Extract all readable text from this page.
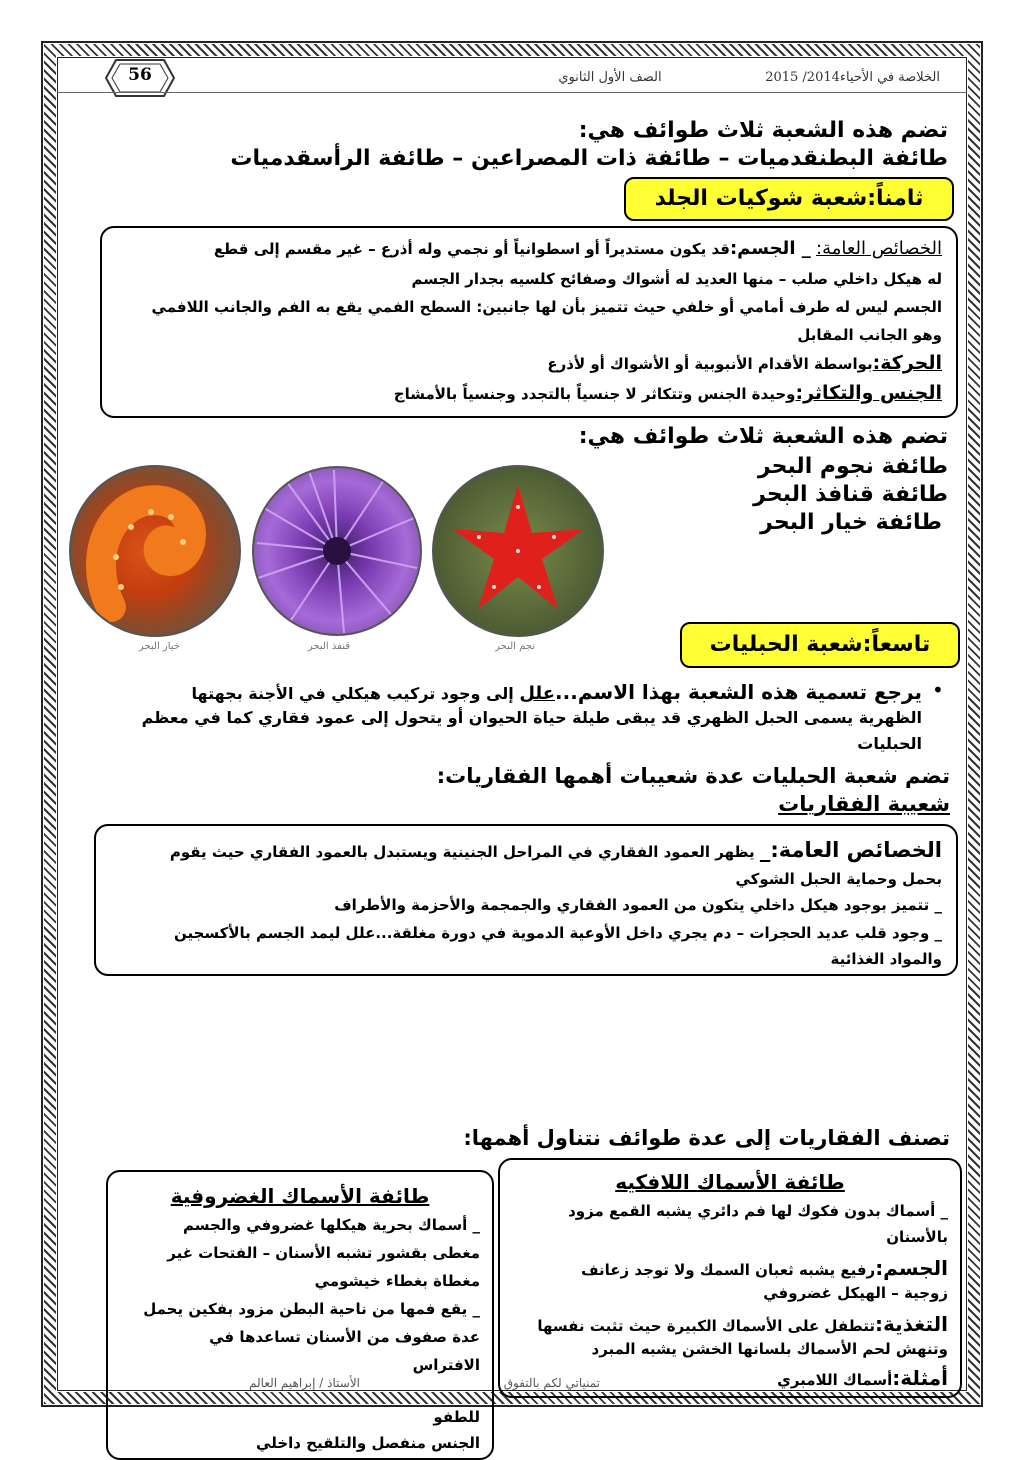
56	الصف الأول الثانوي	الخلاصة في الأحياء2014/ 2015
تضم هذه الشعبة ثلاث طوائف هي:
طائفة البطنقدميات – طائفة ذات المصراعين – طائفة الرأسقدميات
ثامناً:شعبة شوكيات الجلد
الخصائص العامة: _ الجسم:قد يكون مستديراً أو اسطوانياً أو نجمي وله أذرع – غير مقسم إلى قطع
له هيكل داخلي صلب – منها العديد له أشواك وصفائح كلسيه بجدار الجسم
الجسم ليس له طرف أمامي أو خلفي حيث تتميز بأن لها جانبين: السطح الفمي يقع به الفم والجانب اللافمي
وهو الجانب المقابل
الحركة:بواسطة الأقدام الأنبوبية أو الأشواك أو لأذرع
الجنس والتكاثر:وحيدة الجنس وتتكاثر لا جنسياً بالتجدد وجنسياً بالأمشاج
تضم هذه الشعبة ثلاث طوائف هي:
طائفة نجوم البحر
طائفة قنافذ البحر
طائفة خيار البحر
خيار البحر	قنفذ البحر	نجم البحر	تاسعاً:شعبة الحبليات
•
يرجع تسمية هذه الشعبة بهذا الاسم...علل إلى وجود تركيب هيكلي في الأجنة بجهتها
الظهرية يسمى الحبل الظهري قد يبقى طيلة حياة الحيوان أو يتحول إلى عمود فقاري كما في معظم
الحبليات
تضم شعبة الحبليات عدة شعيبات أهمها الفقاريات:
شعيبة الفقاريات
الخصائص العامة:_ يظهر العمود الفقاري في المراحل الجنينية ويستبدل بالعمود الفقاري حيث يقوم
بحمل وحماية الحبل الشوكي
_ تتميز بوجود هيكل داخلي يتكون من العمود الفقاري والجمجمة والأحزمة والأطراف
_ وجود قلب عديد الحجرات – دم يجري داخل الأوعية الدموية في دورة مغلقة...علل ليمد الجسم بالأكسجين
والمواد الغذائية
تصنف الفقاريات إلى عدة طوائف نتناول أهمها:
طائفة الأسماك اللافكيه
_ أسماك بدون فكوك لها فم دائري يشبه القمع مزود
بالأسنان
الجسم:رفيع يشبه ثعبان السمك ولا توجد زعانف
زوجية – الهيكل غضروفي
التغذية:تتطفل على الأسماك الكبيرة حيث تثبت نفسها
وتنهش لحم الأسماك بلسانها الخشن يشبه المبرد
أمثلة:أسماك اللامبري
طائفة الأسماك الغضروفية
_ أسماك بحرية هيكلها غضروفي والجسم
مغطى بقشور تشبه الأسنان – الفتحات غير
مغطاة بغطاء خيشومي
_ يقع فمها من ناحية البطن مزود بفكين يحمل
عدة صفوف من الأسنان تساعدها في
الافتراس
للطفو
الجنس منفصل والتلقيح داخلي
تمنياتي لكم بالتفوق
الأستاذ / إبراهيم العالم
